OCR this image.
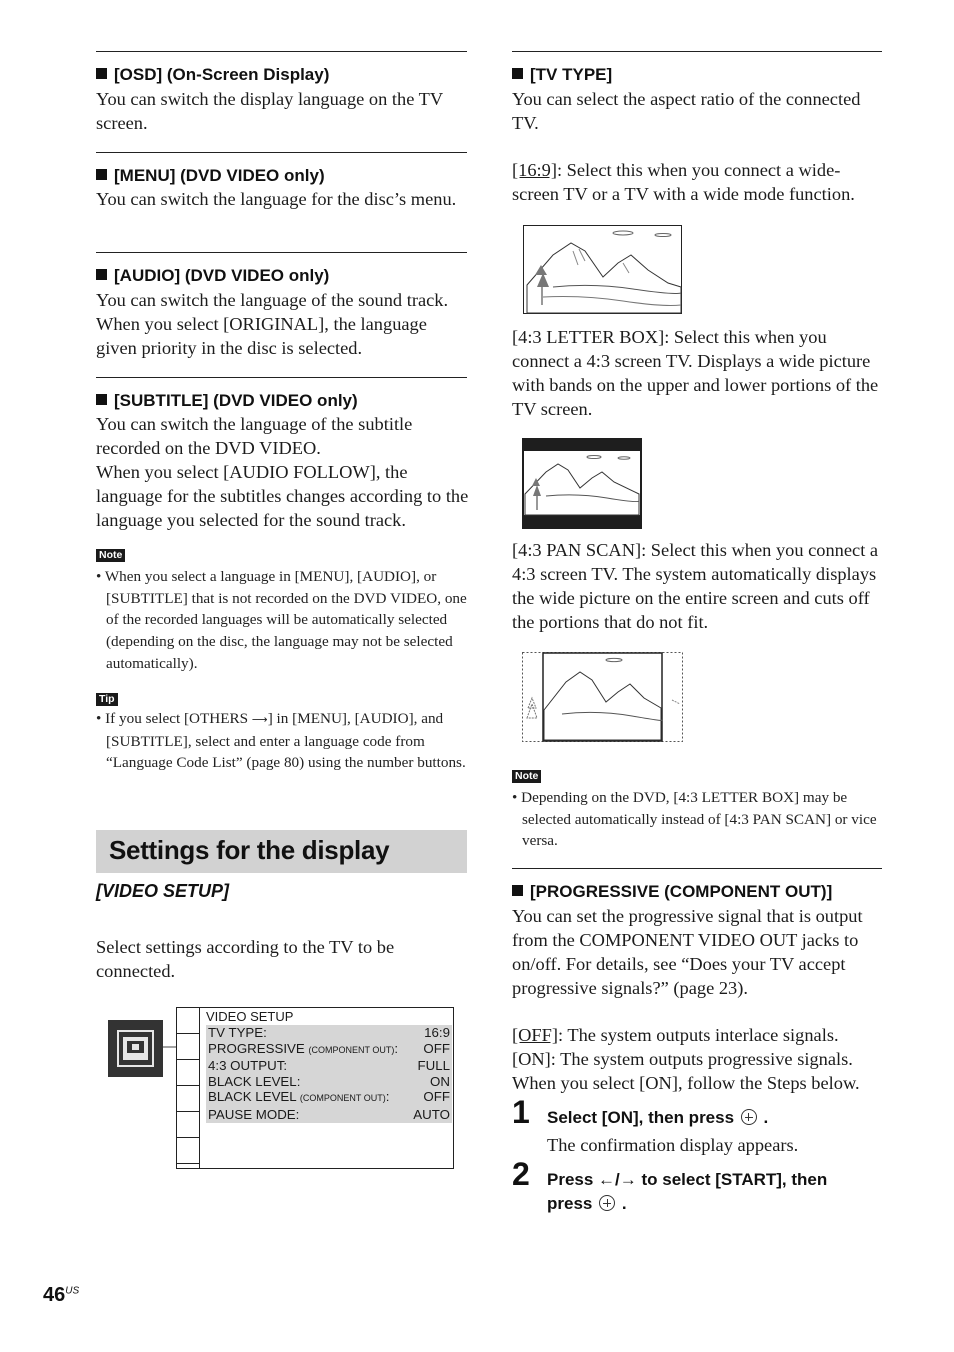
[OSD] (On-Screen Display)
You can switch the display language on the TV screen.
[MENU] (DVD VIDEO only)
You can switch the language for the disc’s menu.
[AUDIO] (DVD VIDEO only)
You can switch the language of the sound track. When you select [ORIGINAL], the language given priority in the disc is selected.
[SUBTITLE] (DVD VIDEO only)
You can switch the language of the subtitle recorded on the DVD VIDEO.
When you select [AUDIO FOLLOW], the language for the subtitles changes according to the language you selected for the sound track.
Note
• When you select a language in [MENU], [AUDIO], or [SUBTITLE] that is not recorded on the DVD VIDEO, one of the recorded languages will be automatically selected (depending on the disc, the language may not be selected automatically).
Tip
• If you select [OTHERS ⟶] in [MENU], [AUDIO], and [SUBTITLE], select and enter a language code from “Language Code List” (page 80) using the number buttons.
Settings for the display
[VIDEO SETUP]
Select settings according to the TV to be connected.
VIDEO SETUP
TV TYPE:	16:9
PROGRESSIVE (COMPONENT OUT): OFF
4:3 OUTPUT:	FULL
BLACK LEVEL:	ON
BLACK LEVEL (COMPONENT OUT):	OFF
PAUSE MODE:	AUTO
[TV TYPE]
You can select the aspect ratio of the connected TV.
[16:9]: Select this when you connect a wide-screen TV or a TV with a wide mode function.
[4:3 LETTER BOX]: Select this when you connect a 4:3 screen TV. Displays a wide picture with bands on the upper and lower portions of the TV screen.
[4:3 PAN SCAN]: Select this when you connect a 4:3 screen TV. The system automatically displays the wide picture on the entire screen and cuts off the portions that do not fit.
Note
• Depending on the DVD, [4:3 LETTER BOX] may be selected automatically instead of [4:3 PAN SCAN] or vice versa.
[PROGRESSIVE (COMPONENT OUT)]
You can set the progressive signal that is output from the COMPONENT VIDEO OUT jacks to on/off. For details, see “Does your TV accept progressive signals?” (page 23).
[OFF]: The system outputs interlace signals.
[ON]: The system outputs progressive signals.
When you select [ON], follow the Steps below.
1 Select [ON], then press  .
The confirmation display appears.
2 Press ←/→ to select [START], then
press  .
$46^{US}$
